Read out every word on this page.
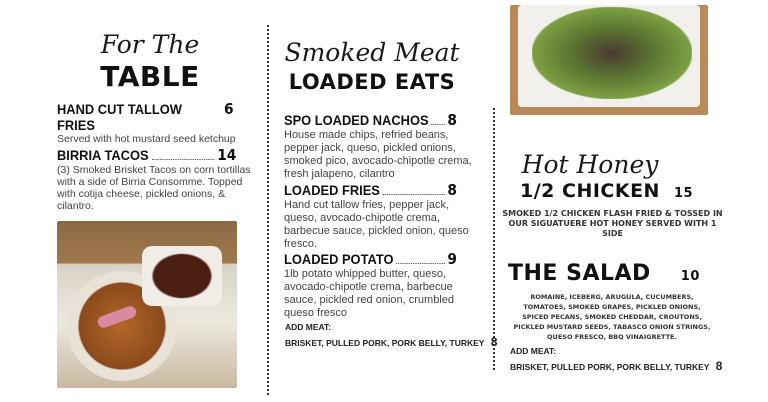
For The
TABLE
HAND CUT TALLOW FRIES
6
Served with hot mustard seed ketchup
BIRRIA TACOS	14
(3) Smoked Brisket Tacos on corn tortillas with a side of Birria Consomme. Topped with cotija cheese, pickled onions, & cilantro.
Smoked Meat
LOADED EATS
SPO LOADED NACHOS 8
House made chips, refried beans, pepper jack, queso, pickled onions, smoked pico, avocado-chipotle crema, fresh jalapeno, cilantro
LOADED FRIES	8
Hand cut tallow fries, pepper jack, queso, avocado-chipotle crema, barbecue sauce, pickled onion, queso fresco.
LOADED POTATO	9
1lb potato whipped butter, queso, avocado-chipotle crema, barbecue sauce, pickled red onion, crumbled queso fresco
ADD MEAT:
BRISKET, PULLED PORK, PORK BELLY, TURKEY 8
Hot Honey
1/2 CHICKEN 15
SMOKED 1/2 CHICKEN FLASH FRIED & TOSSED IN OUR SIGUATUERE HOT HONEY SERVED WITH 1 SIDE
THE SALAD 10
ROMAINE, ICEBERG, ARUGULA, CUCUMBERS, TOMATOES, SMOKED GRAPES, PICKLED ONIONS, SPICED PECANS, SMOKED CHEDDAR, CROUTONS, PICKLED MUSTARD SEEDS, TABASCO ONION STRINGS, QUESO FRESCO, BBQ VINAIGRETTE.
ADD MEAT:
BRISKET, PULLED PORK, PORK BELLY, TURKEY 8
